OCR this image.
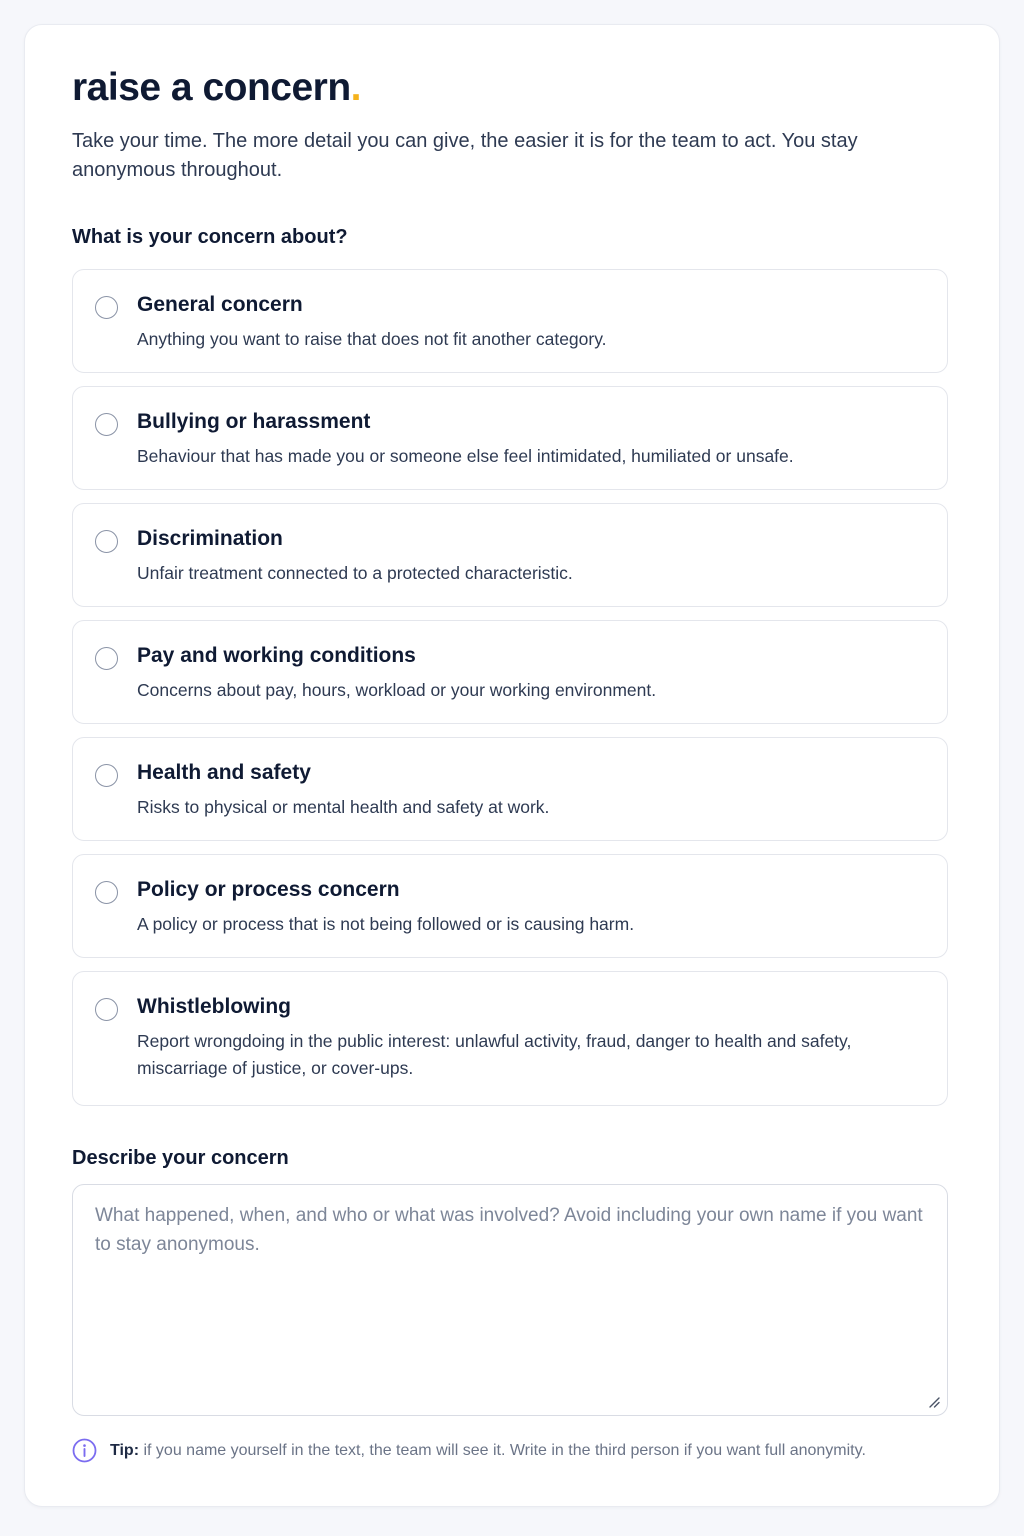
raise a concern.

Take your time. The more detail you can give, the easier it is for the team to act. You stay anonymous throughout.

What is your concern about?
General concern
Anything you want to raise that does not fit another category.
Bullying or harassment
Behaviour that has made you or someone else feel intimidated, humiliated or unsafe.
Discrimination
Unfair treatment connected to a protected characteristic.
Pay and working conditions
Concerns about pay, hours, workload or your working environment.
Health and safety
Risks to physical or mental health and safety at work.
Policy or process concern
A policy or process that is not being followed or is causing harm.
Whistleblowing
Report wrongdoing in the public interest: unlawful activity, fraud, danger to health and safety, miscarriage of justice, or cover-ups.
Describe your concern
What happened, when, and who or what was involved? Avoid including your own name if you want to stay anonymous.
Tip: if you name yourself in the text, the team will see it. Write in the third person if you want full anonymity.
